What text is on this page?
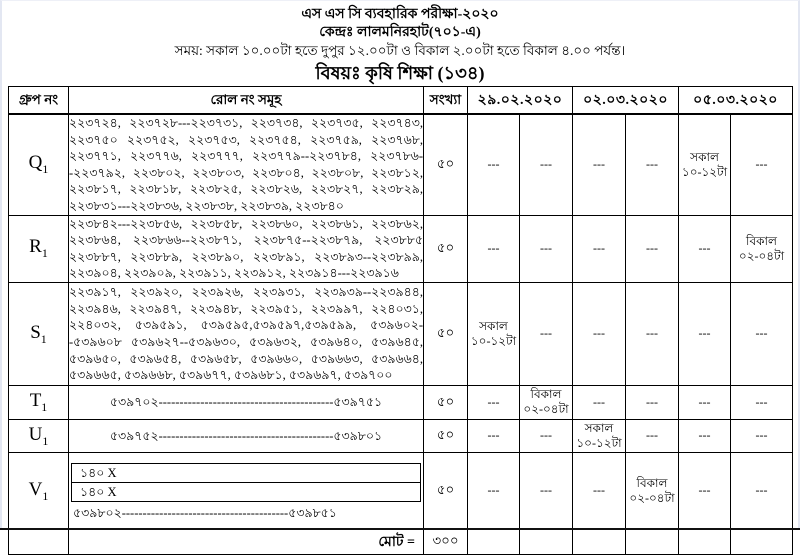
এস এস সি ব্যবহারিক পরীক্ষা-২০২০
কেন্দ্রঃ লালমনিরহাট(৭০১-এ)
সময়: সকাল ১০.০০টা হতে দুপুর ১২.০০টা ও বিকাল ২.০০টা হতে বিকাল ৪.০০ পর্যন্ত।
বিষয়ঃ কৃষি শিক্ষা (১৩৪)
গ্রুপ নং	রোল নং সমূহ	সংখ্যা	২৯.০২.২০২০		০২.০৩.২০২০		০৫.০৩.২০২০	
$Q_1$	২২৩৭২৪, ২২৩৭২৮---২২৩৭৩১, ২২৩৭৩৪, ২২৩৭৩৫, ২২৩৭৪৩, ২২৩৭৫০ ২২৩৭৫২, ২২৩৭৫৩, ২২৩৭৫৪, ২২৩৭৫৯, ২২৩৭৬৮, ২২৩৭৭১, ২২৩৭৭৬, ২২৩৭৭৭, ২২৩৭৭৯--২২৩৭৮৪, ২২৩৭৮৬--২২৩৭৯২, ২২৩৮০২, ২২৩৮০৩, ২২৩৮০৪, ২২৩৮০৮, ২২৩৮১২, ২২৩৮১৭, ২২৩৮১৮, ২২৩৮২৫, ২২৩৮২৬, ২২৩৮২৭, ২২৩৮২৯, ২২৩৮৩১---২২৩৮৩৬, ২২৩৮৩৮, ২২৩৮৩৯, ২২৩৮৪০	৫০	---	---	---	---	সকাল ১০-১২টা	---
$R_1$	২২৩৮৪২---২২৩৮৫৬, ২২৩৮৫৮, ২২৩৮৬০, ২২৩৮৬১, ২২৩৮৬২, ২২৩৮৬৪, ২২৩৮৬৬--২২৩৮৭১, ২২৩৮৭৫--২২৩৮৭৯, ২২৩৮৮৫ ২২৩৮৮৭, ২২৩৮৮৯, ২২৩৮৯০, ২২৩৮৯১, ২২৩৮৯৩--২২৩৮৯৯, ২২৩৯০৪, ২২৩৯০৯, ২২৩৯১১, ২২৩৯১২, ২২৩৯১৪---২২৩৯১৬	৫০	---	---	---	---	---	বিকাল ০২-০৪টা
$S_1$	২২৩৯১৭, ২২৩৯২০, ২২৩৯২৬, ২২৩৯৩১, ২২৩৯৩৯--২২৩৯৪৪, ২২৩৯৪৬, ২২৩৯৪৭, ২২৩৯৪৮, ২২৩৯৫১, ২২৩৯৯৭, ২২৪০৩১, ২২৪০৩২, ৫৩৯৫৯১, ৫৩৯৫৯৫,৫৩৯৫৯৭,৫৩৯৫৯৯, ৫৩৯৬০২--৫৩৯৬০৮ ৫৩৯৬২৭--৫৩৯৬৩০, ৫৩৯৬৩২, ৫৩৯৬৪০, ৫৩৯৬৪৫, ৫৩৯৬৫০, ৫৩৯৬৫৪, ৫৩৯৬৫৮, ৫৩৯৬৬০, ৫৩৯৬৬৩, ৫৩৯৬৬৪, ৫৩৯৬৬৫, ৫৩৯৬৬৮, ৫৩৯৬৭৭, ৫৩৯৬৮১, ৫৩৯৬৯৭, ৫৩৯৭০০	৫০	সকাল ১০-১২টা	---	---	---	---	---
$T_1$	৫৩৯৭০২------------------------------------------৫৩৯৭৫১	৫০	---	বিকাল ০২-০৪টা	---	---	---	---
$U_1$	৫৩৯৭৫২------------------------------------------৫৩৯৮০১	৫০	---	---	সকাল ১০-১২টা	---	---	---
$V_1$	১৪০ X
১৪০ X
৫৩৯৮০২----------------------------------------৫৩৯৮৫১	৫০	---	---	---	বিকাল ০২-০৪টা	---	---
	মোট =	৩০০						
